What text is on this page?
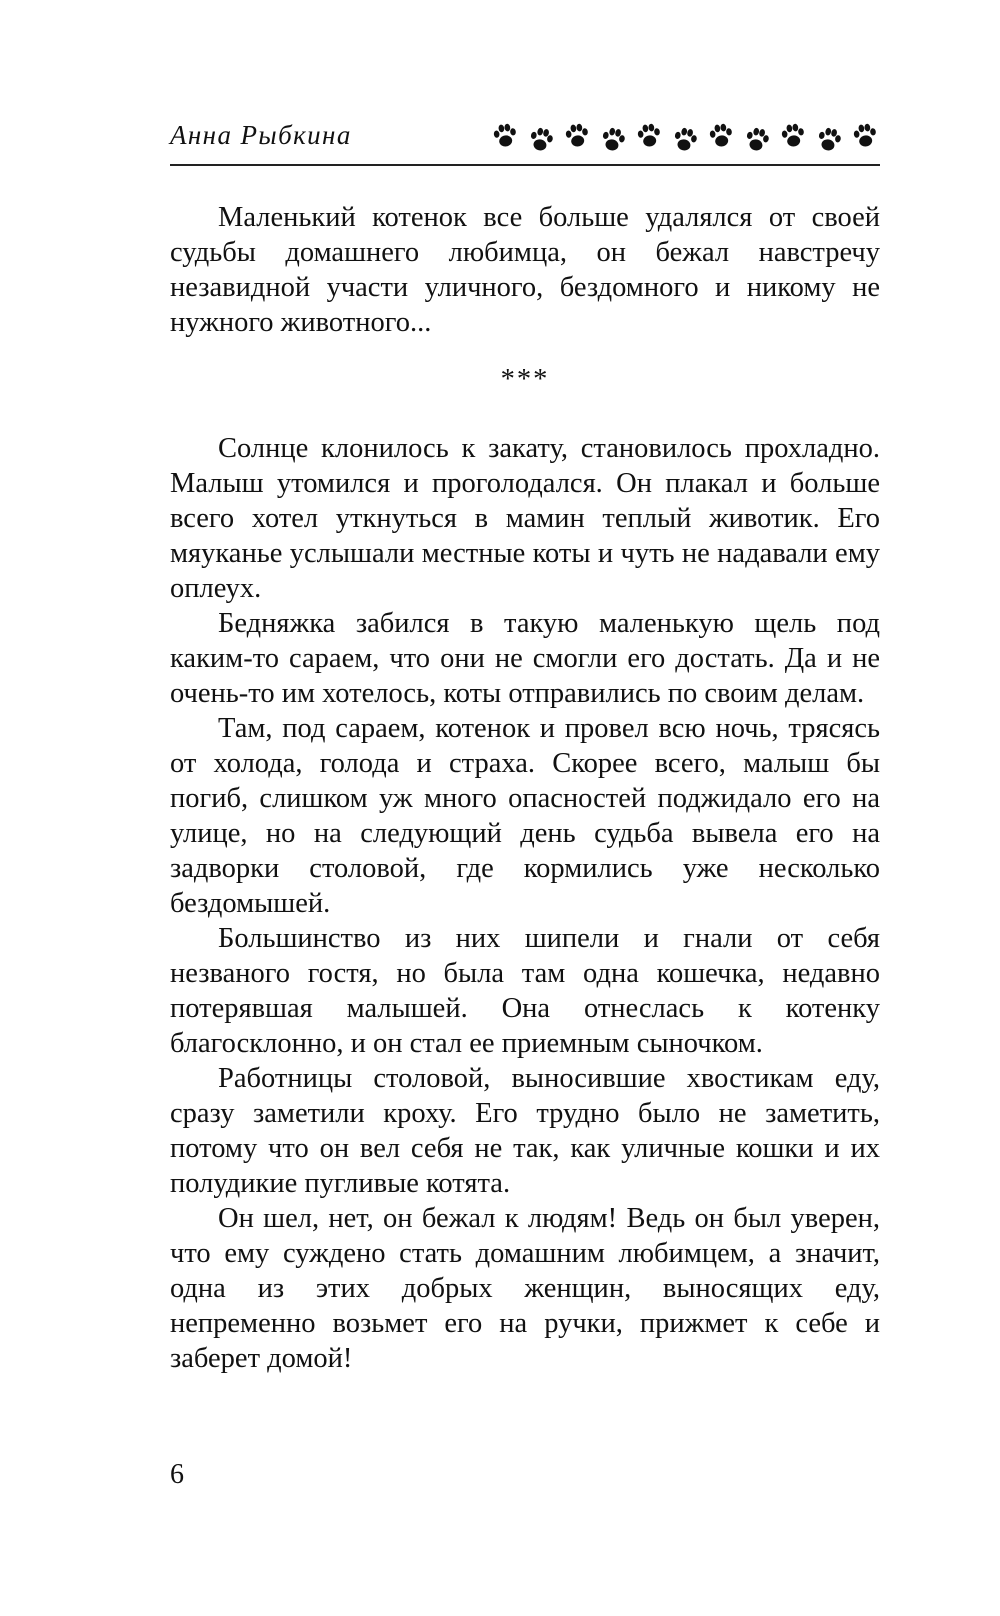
Анна Рыбкина

Маленький котенок все больше удалялся от своей судьбы домашнего любимца, он бежал навстречу незавидной участи уличного, бездомного и никому не нужного животного...

***

Солнце клонилось к закату, становилось прохладно. Малыш утомился и проголодался. Он плакал и больше всего хотел уткнуться в мамин теплый животик. Его мяуканье услышали местные коты и чуть не надавали ему оплеух.

Бедняжка забился в такую маленькую щель под каким-то сараем, что они не смогли его достать. Да и не очень-то им хотелось, коты отправились по своим делам.

Там, под сараем, котенок и провел всю ночь, трясясь от холода, голода и страха. Скорее всего, малыш бы погиб, слишком уж много опасностей поджидало его на улице, но на следующий день судьба вывела его на задворки столовой, где кормились уже несколько бездомышей.

Большинство из них шипели и гнали от себя незваного гостя, но была там одна кошечка, недавно потерявшая малышей. Она отнеслась к котенку благосклонно, и он стал ее приемным сыночком.

Работницы столовой, выносившие хвостикам еду, сразу заметили кроху. Его трудно было не заметить, потому что он вел себя не так, как уличные кошки и их полудикие пугливые котята.

Он шел, нет, он бежал к людям! Ведь он был уверен, что ему суждено стать домашним любимцем, а значит, одна из этих добрых женщин, выносящих еду, непременно возьмет его на ручки, прижмет к себе и заберет домой!

6
